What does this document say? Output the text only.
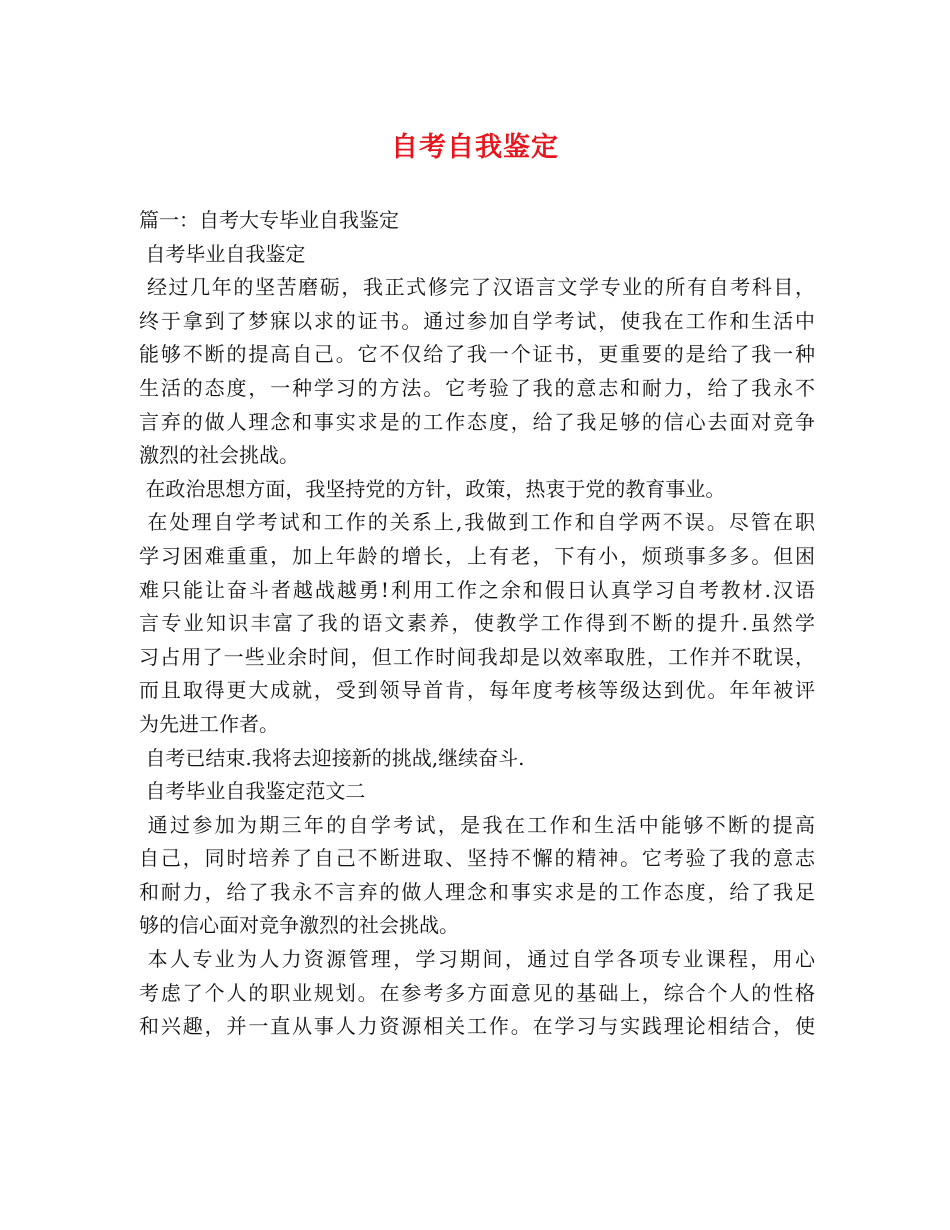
自考自我鉴定
篇一：自考大专毕业自我鉴定
自考毕业自我鉴定
经过几年的坚苦磨砺，我正式修完了汉语言文学专业的所有自考科目，
终于拿到了梦寐以求的证书。通过参加自学考试，使我在工作和生活中
能够不断的提高自己。它不仅给了我一个证书，更重要的是给了我一种
生活的态度，一种学习的方法。它考验了我的意志和耐力，给了我永不
言弃的做人理念和事实求是的工作态度，给了我足够的信心去面对竞争
激烈的社会挑战。
在政治思想方面，我坚持党的方针，政策，热衷于党的教育事业。
在处理自学考试和工作的关系上,我做到工作和自学两不误。尽管在职
学习困难重重，加上年龄的增长，上有老，下有小，烦琐事多多。但困
难只能让奋斗者越战越勇!利用工作之余和假日认真学习自考教材.汉语
言专业知识丰富了我的语文素养，使教学工作得到不断的提升.虽然学
习占用了一些业余时间，但工作时间我却是以效率取胜，工作并不耽误，
而且取得更大成就，受到领导首肯，每年度考核等级达到优。年年被评
为先进工作者。
自考已结束.我将去迎接新的挑战,继续奋斗.
自考毕业自我鉴定范文二
通过参加为期三年的自学考试，是我在工作和生活中能够不断的提高
自己，同时培养了自己不断进取、坚持不懈的精神。它考验了我的意志
和耐力，给了我永不言弃的做人理念和事实求是的工作态度，给了我足
够的信心面对竞争激烈的社会挑战。
本人专业为人力资源管理，学习期间，通过自学各项专业课程，用心
考虑了个人的职业规划。在参考多方面意见的基础上，综合个人的性格
和兴趣，并一直从事人力资源相关工作。在学习与实践理论相结合，使
